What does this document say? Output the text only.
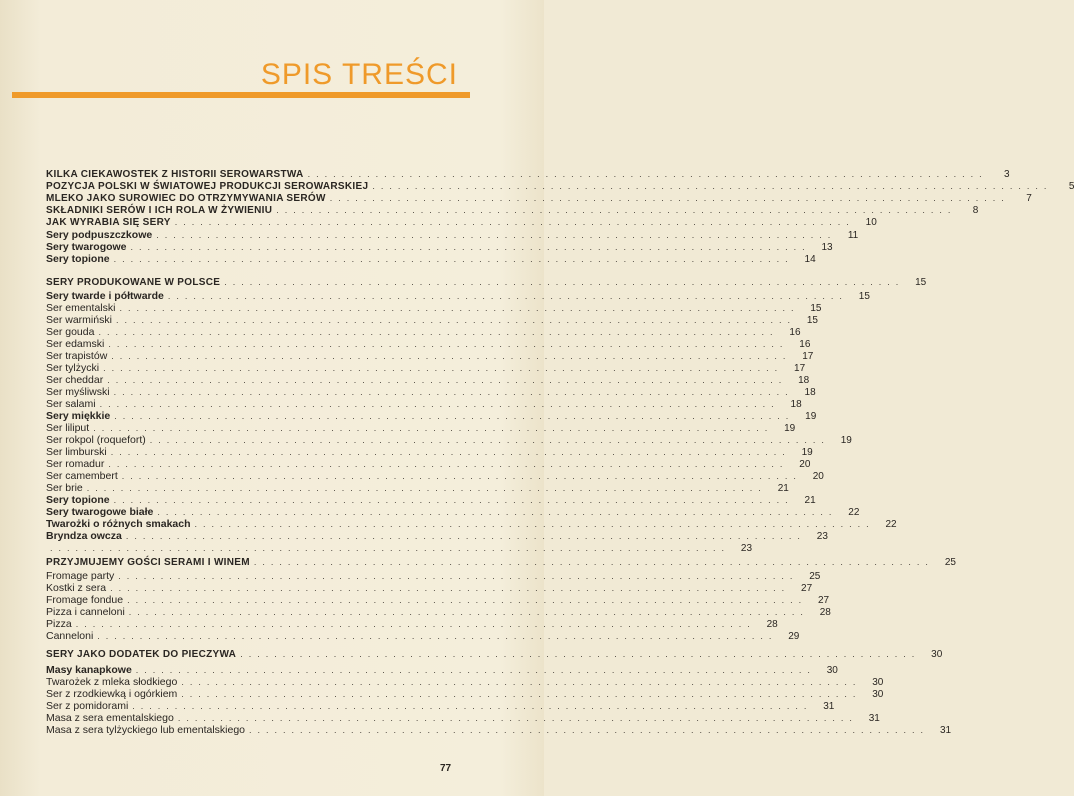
SPIS TREŚCI
KILKA CIEKAWOSTEK Z HISTORII SEROWARSTWA ................................................................................	3
POZYCJA POLSKI W ŚWIATOWEJ PRODUKCJI SEROWARSKIEJ ................................................................................	5
MLEKO JAKO SUROWIEC DO OTRZYMYWANIA SERÓW ................................................................................	7
SKŁADNIKI SERÓW I ICH ROLA W ŻYWIENIU ................................................................................	8
JAK WYRABIA SIĘ SERY ................................................................................	10
Sery podpuszczkowe ................................................................................	11
Sery twarogowe ................................................................................	13
Sery topione ................................................................................	14
SERY PRODUKOWANE W POLSCE ................................................................................	15
Sery twarde i półtwarde ................................................................................	15
Ser ementalski ................................................................................	15
Ser warmiński ................................................................................	15
Ser gouda ................................................................................	16
Ser edamski ................................................................................	16
Ser trapistów ................................................................................	17
Ser tylżycki ................................................................................	17
Ser cheddar ................................................................................	18
Ser myśliwski ................................................................................	18
Ser salami ................................................................................	18
Sery miękkie ................................................................................	19
Ser liliput ................................................................................	19
Ser rokpol (roquefort) ................................................................................	19
Ser limburski ................................................................................	19
Ser romadur ................................................................................	20
Ser camembert ................................................................................	20
Ser brie ................................................................................	21
Sery topione ................................................................................	21
Sery twarogowe białe ................................................................................	22
Twarożki o różnych smakach ................................................................................	22
Bryndza owcza ................................................................................	23
................................................................................	23
PRZYJMUJEMY GOŚCI SERAMI I WINEM ................................................................................	25
Fromage party ................................................................................	25
Kostki z sera ................................................................................	27
Fromage fondue ................................................................................	27
Pizza i canneloni ................................................................................	28
Pizza ................................................................................	28
Canneloni ................................................................................	29
SERY JAKO DODATEK DO PIECZYWA ................................................................................	30
Masy kanapkowe ................................................................................	30
Twarożek z mleka słodkiego ................................................................................	30
Ser z rzodkiewką i ogórkiem ................................................................................	30
Ser z pomidorami ................................................................................	31
Masa z sera ementalskiego ................................................................................	31
Masa z sera tylżyckiego lub ementalskiego ................................................................................	31
77
